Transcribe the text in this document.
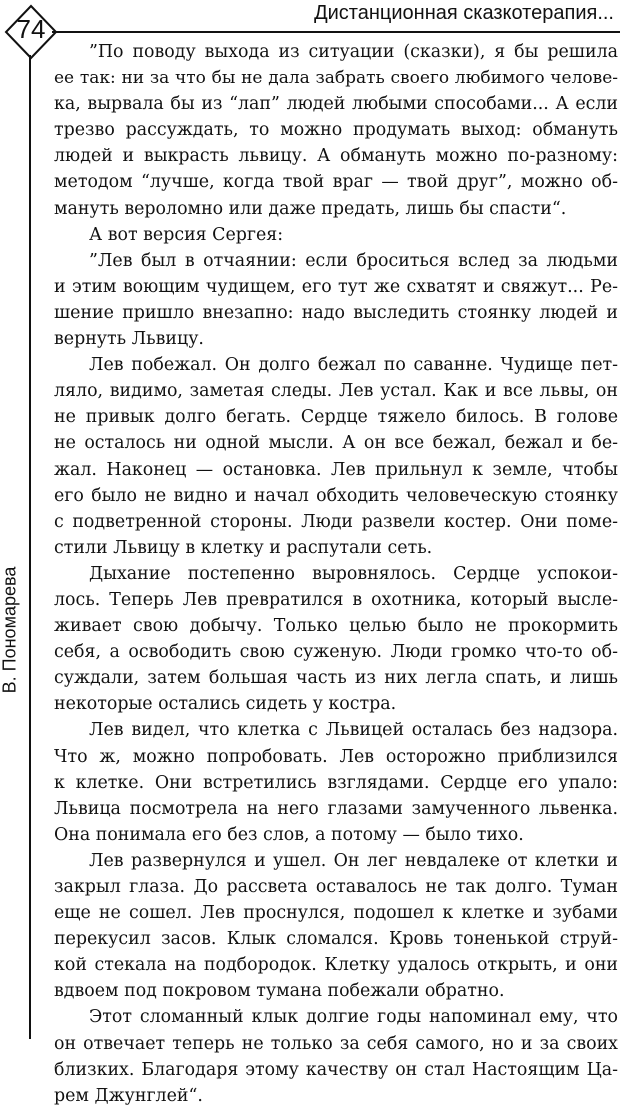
74
Дистанционная сказкотерапия...
В. Пономарева

”По поводу выхода из ситуации (сказки), я бы решила

ее так: ни за что бы не дала забрать своего любимого челове-

ка, вырвала бы из “лап” людей любыми способами... А если

трезво рассуждать, то можно продумать выход: обмануть

людей и выкрасть львицу. А обмануть можно по-разному:

методом “лучше, когда твой враг — твой друг”, можно об-

мануть вероломно или даже предать, лишь бы спасти“.

А вот версия Сергея:

”Лев был в отчаянии: если броситься вслед за людьми

и этим воющим чудищем, его тут же схватят и свяжут... Ре-

шение пришло внезапно: надо выследить стоянку людей и

вернуть Львицу.

Лев побежал. Он долго бежал по саванне. Чудище пет-

ляло, видимо, заметая следы. Лев устал. Как и все львы, он

не привык долго бегать. Сердце тяжело билось. В голове

не осталось ни одной мысли. А он все бежал, бежал и бе-

жал. Наконец — остановка. Лев прильнул к земле, чтобы

его было не видно и начал обходить человеческую стоянку

с подветренной стороны. Люди развели костер. Они помe-

стили Львицу в клетку и распутали сеть.

Дыхание постепенно выровнялось. Сердце успокои-

лось. Теперь Лев превратился в охотника, который высле-

живает свою добычу. Только целью было не прокормить

себя, а освободить свою суженую. Люди громко что-то об-

суждали, затем большая часть из них легла спать, и лишь

некоторые остались сидеть у костра.

Лев видел, что клетка с Львицей осталась без надзора.

Что ж, можно попробовать. Лев осторожно приблизился

к клетке. Они встретились взглядами. Сердце его упало:

Львица посмотрела на него глазами замученного львенка.

Она понимала его без слов, а потому — было тихо.

Лев развернулся и ушел. Он лег невдалеке от клетки и

закрыл глаза. До рассвета оставалось не так долго. Туман

еще не сошел. Лев проснулся, подошел к клетке и зубами

перекусил засов. Клык сломался. Кровь тоненькой струй-

кой стекала на подбородок. Клетку удалось открыть, и они

вдвоем под покровом тумана побежали обратно.

Этот сломанный клык долгие годы напоминал ему, что

он отвечает теперь не только за себя самого, но и за своих

близких. Благодаря этому качеству он стал Настоящим Ца-

рем Джунглей“.
